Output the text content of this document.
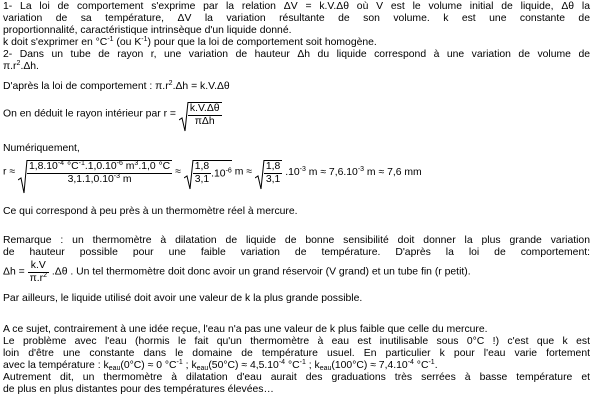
1- La loi de comportement s'exprime par la relation ΔV = k.V.Δθ où V est le volume initial de liquide, Δθ la
variation de sa température, ΔV la variation résultante de son volume. k est une constante de
proportionnalité, caractéristique intrinsèque d'un liquide donné.
k doit s'exprimer en $^\circ C^{-1}$ (ou $K^{-1}$) pour que la loi de comportement soit homogène.
2- Dans un tube de rayon r, une variation de hauteur Δh du liquide correspond à une variation de volume de
$\pi.r^2.\Delta h$.
D'après la loi de comportement : $\pi.r^2.\Delta h = k.V.\Delta\theta$
On en déduit le rayon intérieur par $r = \frac{k.V.\Delta\theta}{\text{πΔh}}$
Numériquement,
$r \approx \frac{1,8.10^{-4} ^\circ C^{-1}.1,0.10^{-6} m^3.1,0 ^\circ C}{3,1.1,0.10^{-3} m} \approx \frac{1,8}{3,1} .10^{-6}$ $m \approx \frac{1,8}{3,1} .10^{-3}$ $m \approx 7,6.10^{-3}$ m ≈ 7,6 mm
Ce qui correspond à peu près à un thermomètre réel à mercure.
Remarque : un thermomètre à dilatation de liquide de bonne sensibilité doit donner la plus grande variation
de hauteur possible pour une faible variation de température. D'après la loi de comportement:
$\Delta h = \frac{k.V}{\pi.r^2} .\Delta\theta$ . Un tel thermomètre doit donc avoir un grand réservoir (V grand) et un tube fin (r petit).
Par ailleurs, le liquide utilisé doit avoir une valeur de k la plus grande possible.
A ce sujet, contrairement à une idée reçue, l'eau n'a pas une valeur de k plus faible que celle du mercure.
Le problème avec l'eau (hormis le fait qu'un thermomètre à eau est inutilisable sous 0°C !) c'est que k est
loin d'être une constante dans le domaine de température usuel. En particulier k pour l'eau varie fortement
avec la température : $k_{eau}(0^\circ C) \approx 0$ $^\circ C^{-1}$ ; $k_{eau}(50^\circ C) \approx 4,5.10^{-4}$ $^\circ C^{-1}$ ; $k_{eau}(100^\circ C) \approx 7,4.10^{-4}$ $^\circ C^{-1}$.
Autrement dit, un thermomètre à dilatation d'eau aurait des graduations très serrées à basse température et
de plus en plus distantes pour des températures élevées…
